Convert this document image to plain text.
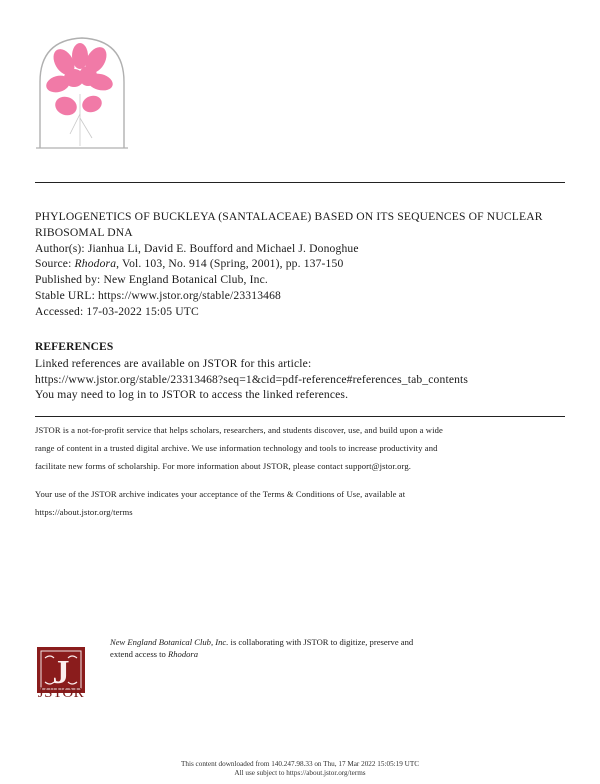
PHYLOGENETICS OF BUCKLEYA (SANTALACEAE) BASED ON ITS SEQUENCES OF NUCLEAR
RIBOSOMAL DNA
Author(s): Jianhua Li, David E. Boufford and Michael J. Donoghue
Source: Rhodora, Vol. 103, No. 914 (Spring, 2001), pp. 137-150
Published by: New England Botanical Club, Inc.
Stable URL: https://www.jstor.org/stable/23313468
Accessed: 17-03-2022 15:05 UTC
REFERENCES
Linked references are available on JSTOR for this article:
https://www.jstor.org/stable/23313468?seq=1&cid=pdf-reference#references_tab_contents
You may need to log in to JSTOR to access the linked references.
JSTOR is a not-for-profit service that helps scholars, researchers, and students discover, use, and build upon a wide
range of content in a trusted digital archive. We use information technology and tools to increase productivity and
facilitate new forms of scholarship. For more information about JSTOR, please contact support@jstor.org.
Your use of the JSTOR archive indicates your acceptance of the Terms & Conditions of Use, available at
https://about.jstor.org/terms
J
JSTOR
New England Botanical Club, Inc. is collaborating with JSTOR to digitize, preserve and
extend access to Rhodora
This content downloaded from 140.247.98.33 on Thu, 17 Mar 2022 15:05:19 UTC
All use subject to https://about.jstor.org/terms
